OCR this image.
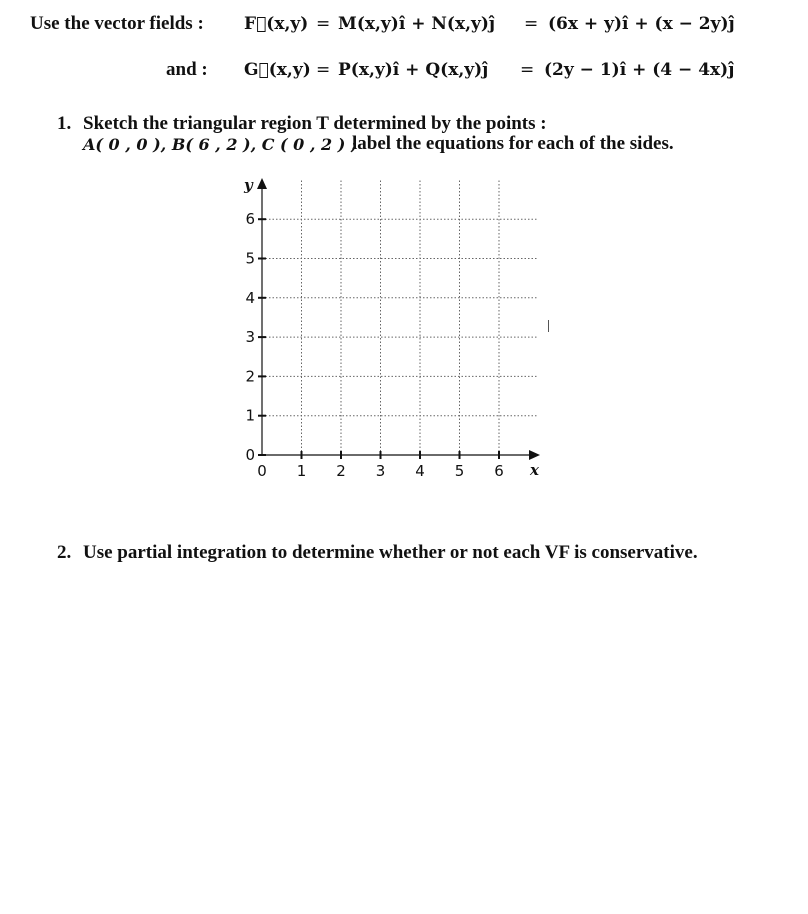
Use the vector fields : F⃗(x,y) = M(x,y)î + N(x,y)ĵ = (6x + y)î + (x − 2y)ĵ
and : G⃗(x,y) = P(x,y)î + Q(x,y)ĵ = (2y − 1)î + (4 − 4x)ĵ
1. Sketch the triangular region T determined by the points :
A( 0 , 0 ), B( 6 , 2 ), C ( 0 , 2 ) ;
label the equations for each of the sides.
0 1 2 3 4 5 6
0
1
2
3
4
5
6
x
y
2. Use partial integration to determine whether or not each VF is conservative.
